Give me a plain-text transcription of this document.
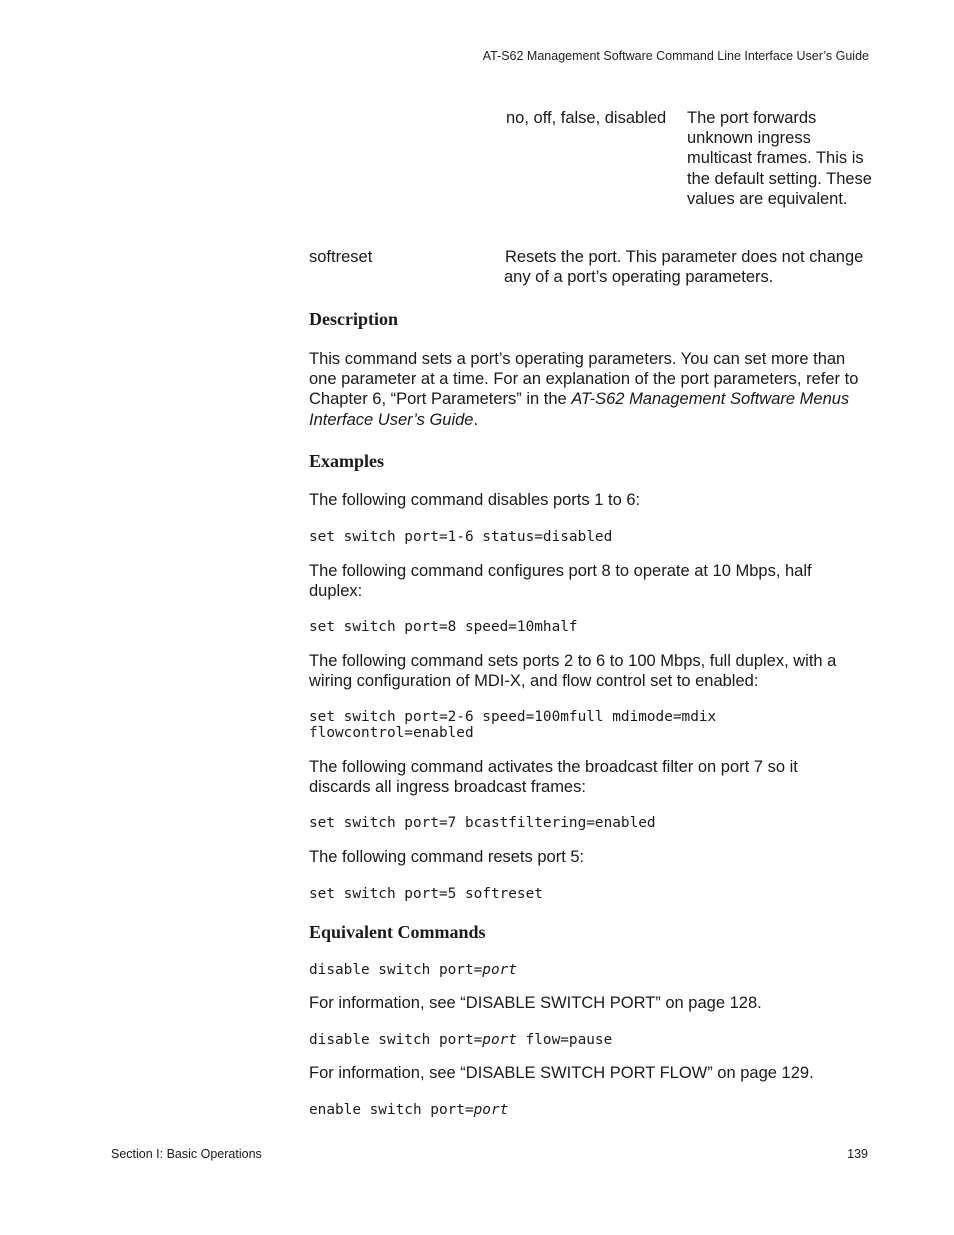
AT-S62 Management Software Command Line Interface User’s Guide
no, off, false, disabled The port forwards unknown ingress multicast frames. This is the default setting. These values are equivalent.
softreset	Resets the port. This parameter does not change any of a port’s operating parameters.
Description
This command sets a port’s operating parameters. You can set more than one parameter at a time. For an explanation of the port parameters, refer to Chapter 6, “Port Parameters” in the AT-S62 Management Software Menus Interface User’s Guide.
Examples
The following command disables ports 1 to 6:
set switch port=1-6 status=disabled
The following command configures port 8 to operate at 10 Mbps, half duplex:
set switch port=8 speed=10mhalf
The following command sets ports 2 to 6 to 100 Mbps, full duplex, with a wiring configuration of MDI-X, and flow control set to enabled:
set switch port=2-6 speed=100mfull mdimode=mdix
flowcontrol=enabled
The following command activates the broadcast filter on port 7 so it discards all ingress broadcast frames:
set switch port=7 bcastfiltering=enabled
The following command resets port 5:
set switch port=5 softreset
Equivalent Commands
disable switch port=port
For information, see “DISABLE SWITCH PORT” on page 128.
disable switch port=port flow=pause
For information, see “DISABLE SWITCH PORT FLOW” on page 129.
enable switch port=port
Section I: Basic Operations	139
